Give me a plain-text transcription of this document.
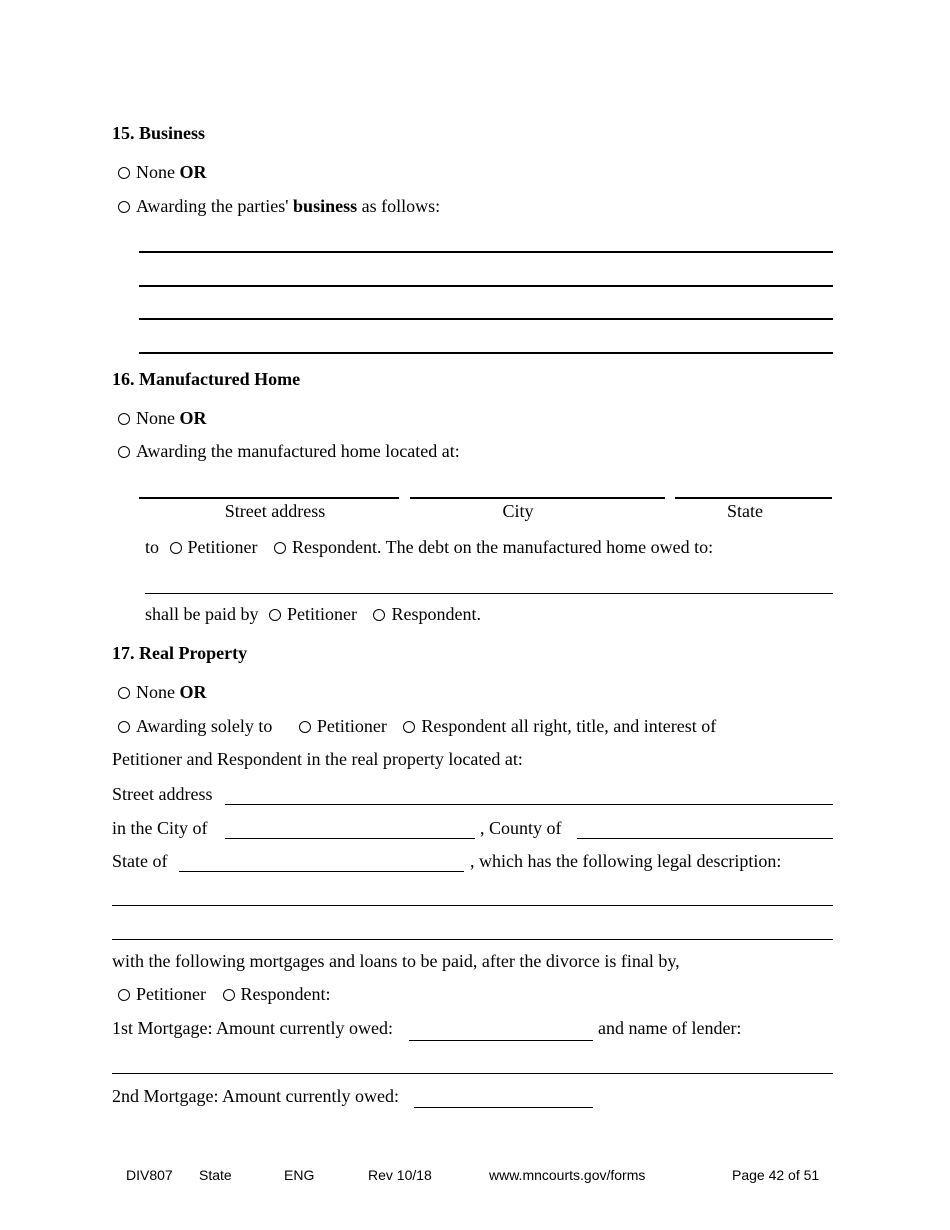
15. Business
None OR
Awarding the parties' business as follows:
16. Manufactured Home
None OR
Awarding the manufactured home located at:
Street address	City	State
to Petitioner Respondent. The debt on the manufactured home owed to:
shall be paid by Petitioner Respondent.
17. Real Property
None OR
Awarding solely to Petitioner Respondent all right, title, and interest of
Petitioner and Respondent in the real property located at:
Street address
in the City of	, County of
State of	, which has the following legal description:
with the following mortgages and loans to be paid, after the divorce is final by,
Petitioner Respondent:
1st Mortgage: Amount currently owed:	and name of lender:
2nd Mortgage: Amount currently owed:
DIV807 State	ENG	Rev 10/18	www.mncourts.gov/forms	Page 42 of 51
